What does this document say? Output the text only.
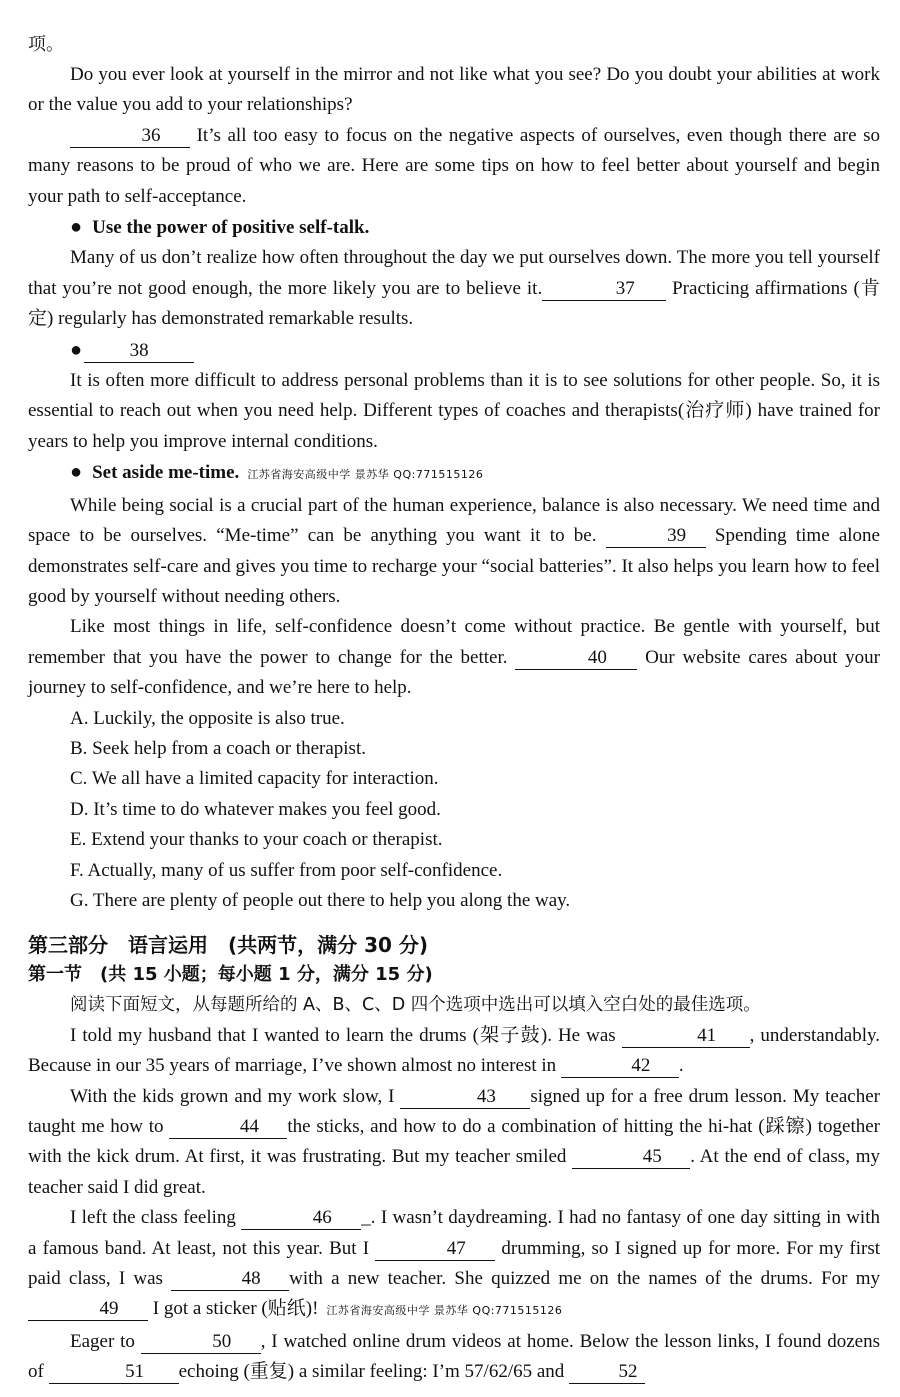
项。

Do you ever look at yourself in the mirror and not like what you see? Do you doubt your abilities at work or the value you add to your relationships?

36 It’s all too easy to focus on the negative aspects of ourselves, even though there are so many reasons to be proud of who we are. Here are some tips on how to feel better about yourself and begin your path to self-acceptance.

● Use the power of positive self-talk.

Many of us don’t realize how often throughout the day we put ourselves down. The more you tell yourself that you’re not good enough, the more likely you are to believe it.	37 Practicing affirmations (肯定) regularly has demonstrated remarkable results.

●	38

It is often more difficult to address personal problems than it is to see solutions for other people. So, it is essential to reach out when you need help. Different types of coaches and therapists(治疗师) have trained for years to help you improve internal conditions.

● Set aside me-time. 江苏省海安高级中学 景苏华 QQ:771515126

While being social is a crucial part of the human experience, balance is also necessary. We need time and space to be ourselves. “Me-time” can be anything you want it to be.	39 Spending time alone demonstrates self-care and gives you time to recharge your “social batteries”. It also helps you learn how to feel good by yourself without needing others.

Like most things in life, self-confidence doesn’t come without practice. Be gentle with yourself, but remember that you have the power to change for the better.	40 Our website cares about your journey to self-confidence, and we’re here to help.

A. Luckily, the opposite is also true.

B. Seek help from a coach or therapist.

C. We all have a limited capacity for interaction.

D. It’s time to do whatever makes you feel good.

E. Extend your thanks to your coach or therapist.

F. Actually, many of us suffer from poor self-confidence.

G. There are plenty of people out there to help you along the way.

第三部分　语言运用　(共两节，满分 30 分)

第一节　(共 15 小题；每小题 1 分，满分 15 分)

阅读下面短文，从每题所给的 A、B、C、D 四个选项中选出可以填入空白处的最佳选项。

I told my husband that I wanted to learn the drums (架子鼓). He was	41 , understandably. Because in our 35 years of marriage, I’ve shown almost no interest in	42 .

With the kids grown and my work slow, I	43 signed up for a free drum lesson. My teacher taught me how to	44 the sticks, and how to do a combination of hitting the hi-hat (踩镲) together with the kick drum. At first, it was frustrating. But my teacher smiled	45 . At the end of class, my teacher said I did great.

I left the class feeling	46 _. I wasn’t daydreaming. I had no fantasy of one day sitting in with a famous band. At least, not this year. But I	47 drumming, so I signed up for more. For my first paid class, I was	48 with a new teacher. She quizzed me on the names of the drums. For my 49 I got a sticker (贴纸)! 江苏省海安高级中学 景苏华 QQ:771515126

Eager to	50 , I watched online drum videos at home. Below the lesson links, I found dozens of	51 echoing (重复) a similar feeling: I’m 57/62/65 and	52
